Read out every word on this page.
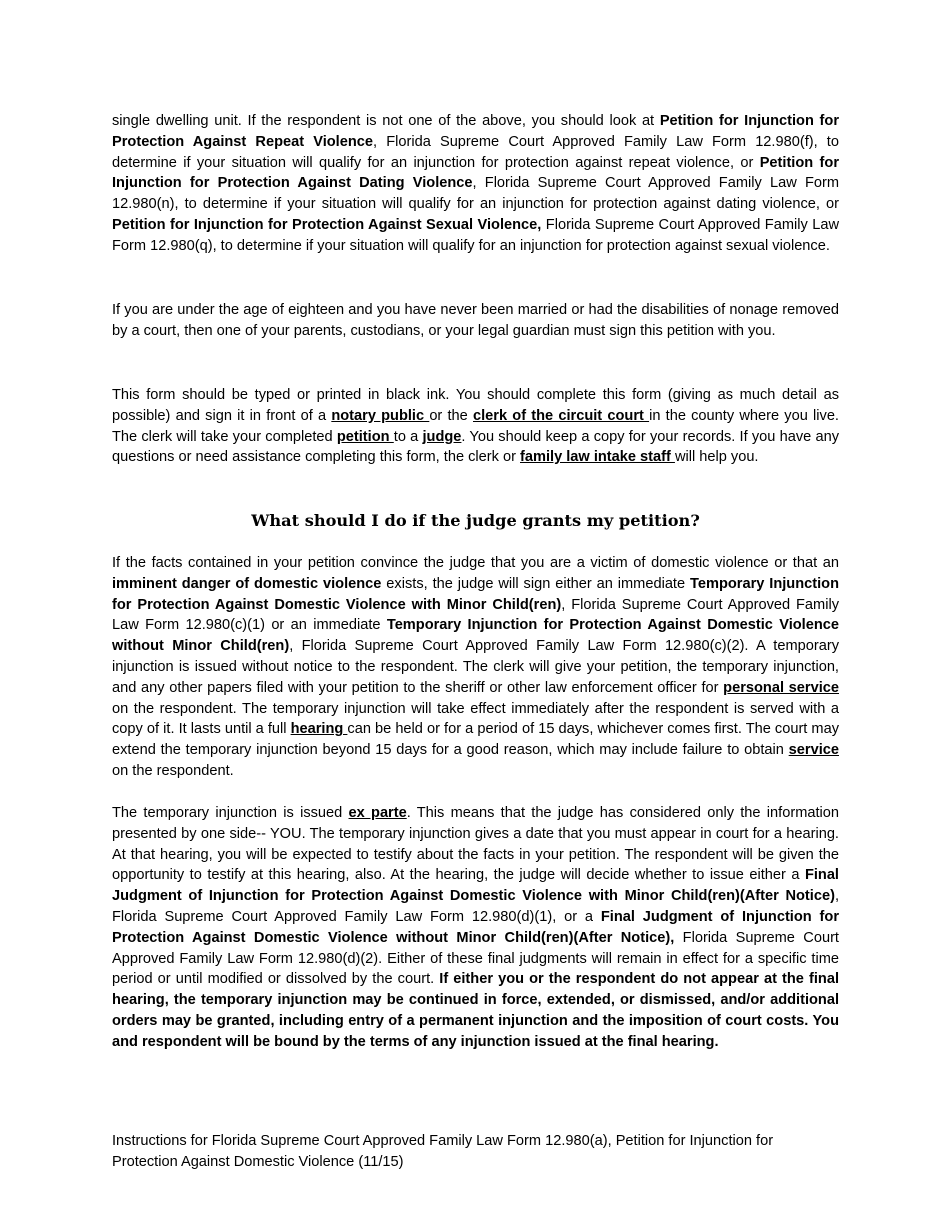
single dwelling unit. If the respondent is not one of the above, you should look at Petition for Injunction for Protection Against Repeat Violence, Florida Supreme Court Approved Family Law Form 12.980(f), to determine if your situation will qualify for an injunction for protection against repeat violence, or Petition for Injunction for Protection Against Dating Violence, Florida Supreme Court Approved Family Law Form 12.980(n), to determine if your situation will qualify for an injunction for protection against dating violence, or Petition for Injunction for Protection Against Sexual Violence, Florida Supreme Court Approved Family Law Form 12.980(q), to determine if your situation will qualify for an injunction for protection against sexual violence.

If you are under the age of eighteen and you have never been married or had the disabilities of nonage removed by a court, then one of your parents, custodians, or your legal guardian must sign this petition with you.

This form should be typed or printed in black ink. You should complete this form (giving as much detail as possible) and sign it in front of a notary public or the clerk of the circuit court in the county where you live. The clerk will take your completed petition to a judge. You should keep a copy for your records. If you have any questions or need assistance completing this form, the clerk or family law intake staff will help you.

What should I do if the judge grants my petition?

If the facts contained in your petition convince the judge that you are a victim of domestic violence or that an imminent danger of domestic violence exists, the judge will sign either an immediate Temporary Injunction for Protection Against Domestic Violence with Minor Child(ren), Florida Supreme Court Approved Family Law Form 12.980(c)(1) or an immediate Temporary Injunction for Protection Against Domestic Violence without Minor Child(ren), Florida Supreme Court Approved Family Law Form 12.980(c)(2). A temporary injunction is issued without notice to the respondent. The clerk will give your petition, the temporary injunction, and any other papers filed with your petition to the sheriff or other law enforcement officer for personal service on the respondent. The temporary injunction will take effect immediately after the respondent is served with a copy of it. It lasts until a full hearing can be held or for a period of 15 days, whichever comes first. The court may extend the temporary injunction beyond 15 days for a good reason, which may include failure to obtain service on the respondent.

The temporary injunction is issued ex parte. This means that the judge has considered only the information presented by one side-- YOU. The temporary injunction gives a date that you must appear in court for a hearing. At that hearing, you will be expected to testify about the facts in your petition. The respondent will be given the opportunity to testify at this hearing, also. At the hearing, the judge will decide whether to issue either a Final Judgment of Injunction for Protection Against Domestic Violence with Minor Child(ren)(After Notice), Florida Supreme Court Approved Family Law Form 12.980(d)(1), or a Final Judgment of Injunction for Protection Against Domestic Violence without Minor Child(ren)(After Notice), Florida Supreme Court Approved Family Law Form 12.980(d)(2). Either of these final judgments will remain in effect for a specific time period or until modified or dissolved by the court. If either you or the respondent do not appear at the final hearing, the temporary injunction may be continued in force, extended, or dismissed, and/or additional orders may be granted, including entry of a permanent injunction and the imposition of court costs. You and respondent will be bound by the terms of any injunction issued at the final hearing.

Instructions for Florida Supreme Court Approved Family Law Form 12.980(a), Petition for Injunction for
Protection Against Domestic Violence (11/15)
